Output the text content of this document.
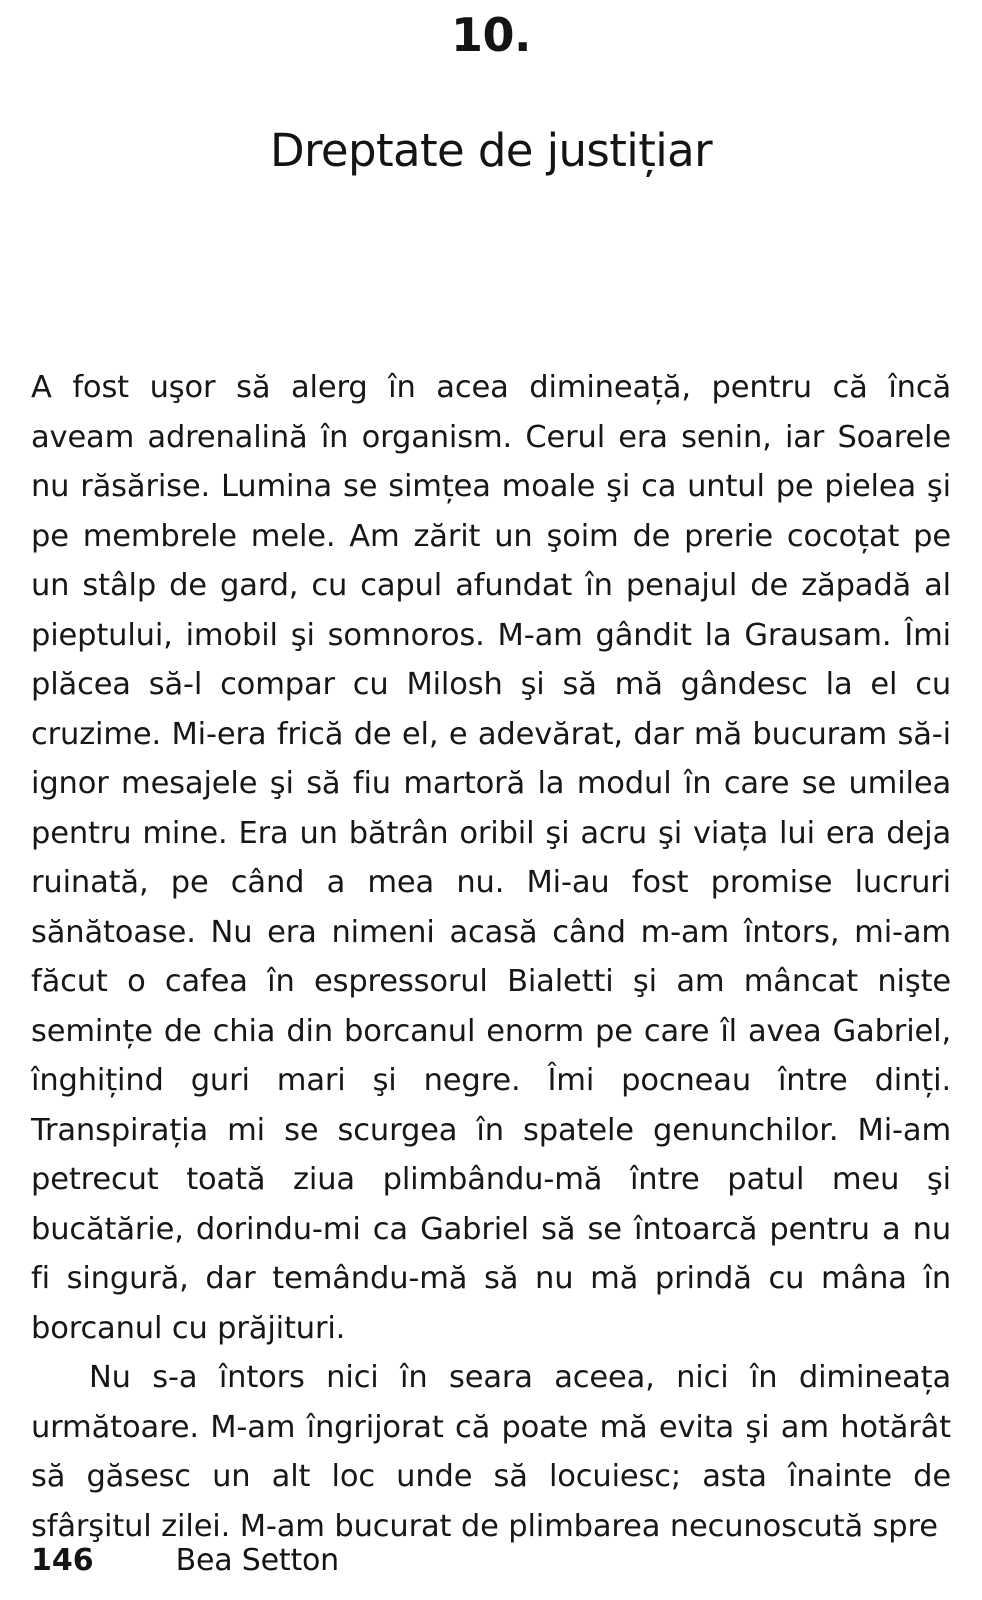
10.
Dreptate de justițiar

A fost uşor să alerg în acea dimineață, pentru că încă aveam adrenalină în organism. Cerul era senin, iar Soarele nu răsărise. Lumina se simțea moale şi ca untul pe pielea şi pe membrele mele. Am zărit un şoim de prerie cocoțat pe un stâlp de gard, cu capul afundat în penajul de zăpadă al pieptului, imobil şi somnoros. M-am gândit la Grausam. Îmi plăcea să-l compar cu Milosh şi să mă gândesc la el cu cruzime. Mi-era frică de el, e adevărat, dar mă bucuram să-i ignor mesajele şi să fiu martoră la modul în care se umilea pentru mine. Era un bătrân oribil şi acru şi viața lui era deja ruinată, pe când a mea nu. Mi-au fost promise lucruri sănătoase. Nu era nimeni acasă când m-am întors, mi-am făcut o cafea în espressorul Bialetti şi am mâncat nişte semințe de chia din borcanul enorm pe care îl avea Gabriel, înghițind guri mari şi negre. Îmi pocneau între dinți. Transpirația mi se scurgea în spatele genunchilor. Mi-am petrecut toată ziua plimbându-mă între patul meu şi bucătărie, dorindu-mi ca Gabriel să se întoarcă pentru a nu fi singură, dar temându-mă să nu mă prindă cu mâna în borcanul cu prăjituri.

Nu s-a întors nici în seara aceea, nici în dimineața următoare. M-am îngrijorat că poate mă evita şi am hotărât să găsesc un alt loc unde să locuiesc; asta înainte de sfârşitul zilei. M-am bucurat de plimbarea necunoscută spre

146	Bea Setton
